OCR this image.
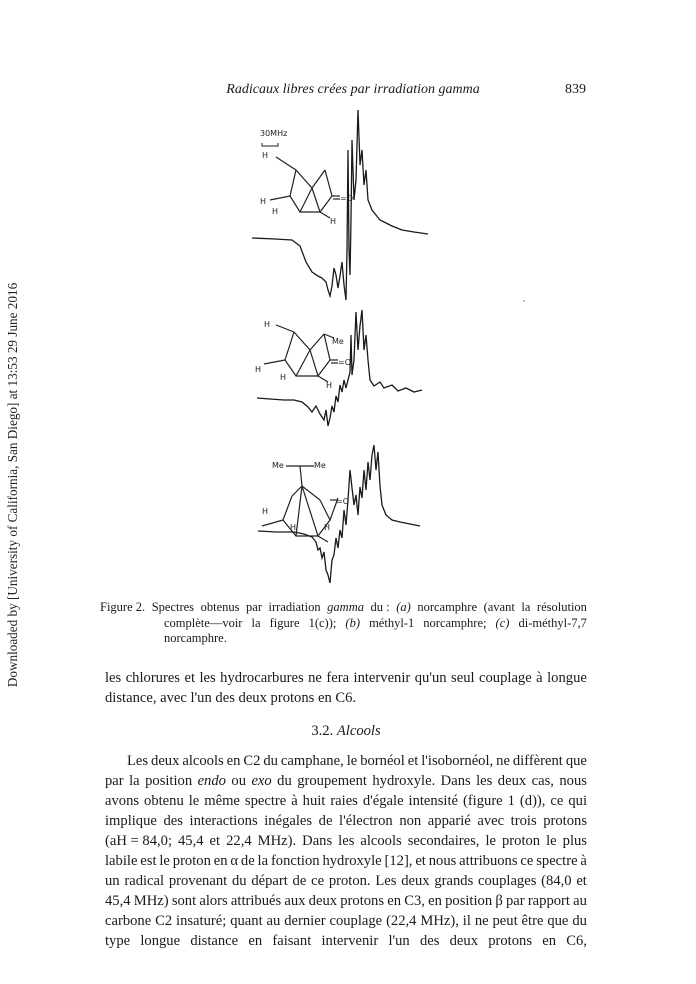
Downloaded by [University of California, San Diego] at 13:53 29 June 2016
Radicaux libres crées par irradiation gamma	839
30MHz
H
H
H
=O
H
H
Me
H
H
=O
H
Me	Me
H
H
=O
H
Figure 2. Spectres obtenus par irradiation gamma du : (a) norcamphre (avant la résolution
complète—voir la figure 1(c)); (b) méthyl-1 norcamphre; (c) di-méthyl-7,7
norcamphre.
les chlorures et les hydrocarbures ne fera intervenir qu'un seul couplage à longue
distance, avec l'un des deux protons en C6.
3.2. Alcools
Les deux alcools en C2 du camphane, le bornéol et l'isobornéol, ne diffèrent que
par la position endo ou exo du groupement hydroxyle. Dans les deux cas, nous
avons obtenu le même spectre à huit raies d'égale intensité (figure 1 (d)), ce qui
implique des interactions inégales de l'électron non apparié avec trois protons
(aH = 84,0; 45,4 et 22,4 MHz). Dans les alcools secondaires, le proton le plus
labile est le proton en α de la fonction hydroxyle [12], et nous attribuons ce spectre à
un radical provenant du départ de ce proton. Les deux grands couplages (84,0 et
45,4 MHz) sont alors attribués aux deux protons en C3, en position β par rapport au
carbone C2 insaturé; quant au dernier couplage (22,4 MHz), il ne peut être que du
type longue distance en faisant intervenir l'un des deux protons en C6,
